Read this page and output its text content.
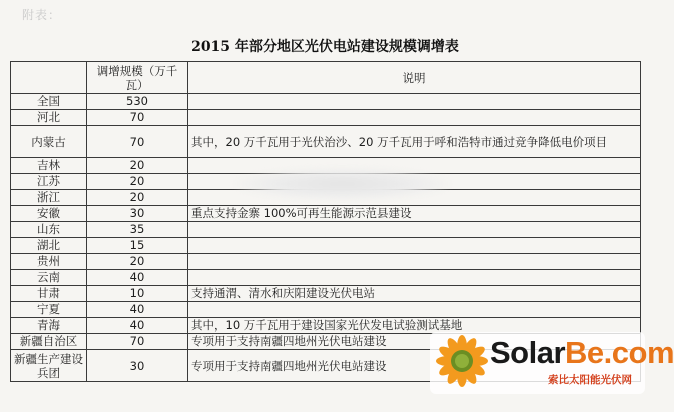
附表：
2015 年部分地区光伏电站建设规模调增表
	调增规模（万千瓦）	说明
全国	530	
河北	70	
内蒙古	70	其中，20 万千瓦用于光伏治沙、20 万千瓦用于呼和浩特市通过竞争降低电价项目
吉林	20	
江苏	20	
浙江	20	
安徽	30	重点支持金寨 100%可再生能源示范县建设
山东	35	
湖北	15	
贵州	20	
云南	40	
甘肃	10	支持通渭、清水和庆阳建设光伏电站
宁夏	40	
青海	40	其中，10 万千瓦用于建设国家光伏发电试验测试基地
新疆自治区	70	专项用于支持南疆四地州光伏电站建设
新疆生产建设兵团	30	专项用于支持南疆四地州光伏电站建设	SolarBe.com
索比太阳能光伏网
